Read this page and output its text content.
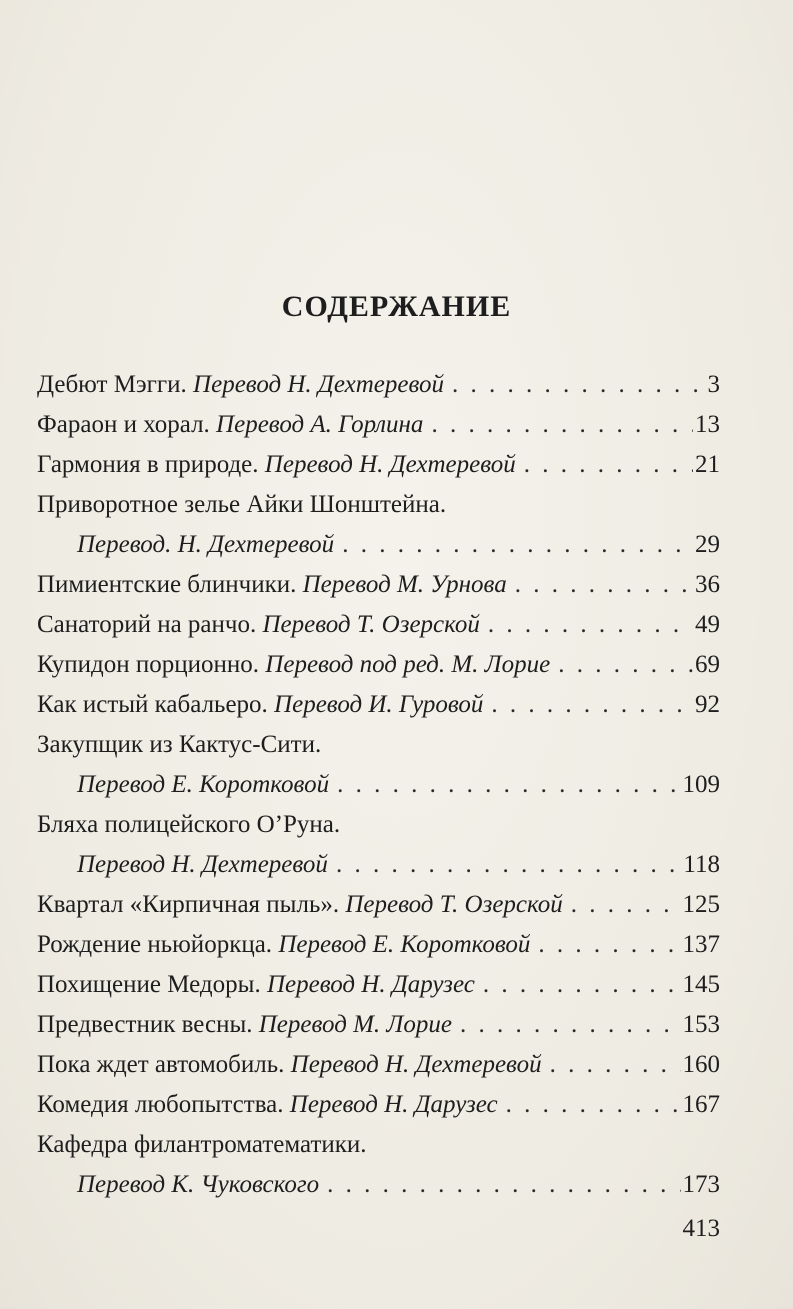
СОДЕРЖАНИЕ
Дебют Мэгги.
Перевод Н. Дехтеревой . . .	3
Фараон и хорал.
Перевод А. Горлина . . .	13
Гармония в природе.
Перевод Н. Дехтеревой . . .	21
Приворотное зелье Айки Шонштейна.
Перевод. Н. Дехтеревой . . .	29
Пимиентские блинчики.
Перевод М. Урнова . . .	36
Санаторий на ранчо.
Перевод Т. Озерской . . .	49
Купидон порционно.
Перевод под ред. М. Лорие . . .	69
Как истый кабальеро.
Перевод И. Гуровой . . .	92
Закупщик из Кактус-Сити.
Перевод Е. Коротковой . . .	109
Бляха полицейского О’Руна.
Перевод Н. Дехтеревой . . .	118
Квартал «Кирпичная пыль».
Перевод Т. Озерской . . .	125
Рождение ньюйоркца.
Перевод Е. Коротковой . . .	137
Похищение Медоры.
Перевод Н. Дарузес . . .	145
Предвестник весны.
Перевод М. Лорие . . .	153
Пока ждет автомобиль.
Перевод Н. Дехтеревой . . .	160
Комедия любопытства.
Перевод Н. Дарузес . . .	167
Кафедра филантроматематики.
Перевод К. Чуковского . . .	173
413
